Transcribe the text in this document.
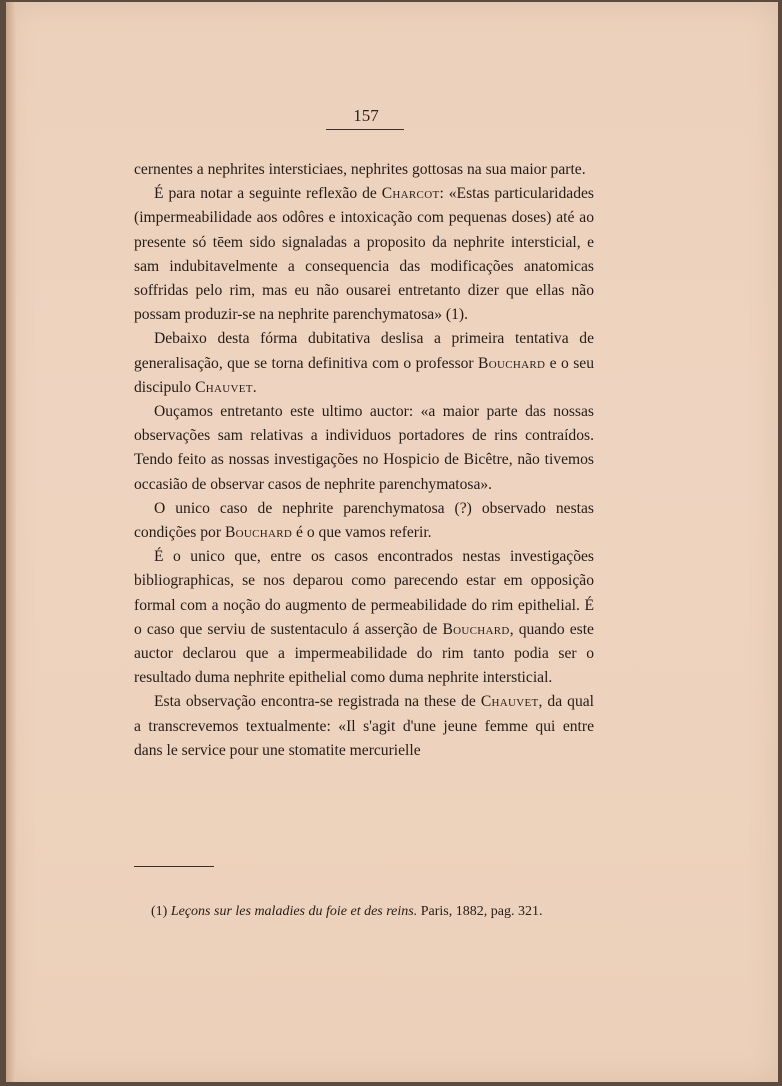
157

cernentes a nephrites intersticiaes, nephrites gottosas na sua maior parte.

É para notar a seguinte reflexão de Charcot: «Estas particularidades (impermeabilidade aos odôres e intoxicação com pequenas doses) até ao presente só tēem sido signaladas a proposito da nephrite intersticial, e sam indubitavelmente a consequencia das modificações anatomicas soffridas pelo rim, mas eu não ousarei entretanto dizer que ellas não possam produzir-se na nephrite parenchymatosa» (1).

Debaixo desta fórma dubitativa deslisa a primeira tentativa de generalisação, que se torna definitiva com o professor Bouchard e o seu discipulo Chauvet.

Ouçamos entretanto este ultimo auctor: «a maior parte das nossas observações sam relativas a individuos portadores de rins contraídos. Tendo feito as nossas investigações no Hospicio de Bicêtre, não tivemos occasião de observar casos de nephrite parenchymatosa».

O unico caso de nephrite parenchymatosa (?) observado nestas condições por Bouchard é o que vamos referir.

É o unico que, entre os casos encontrados nestas investigações bibliographicas, se nos deparou como parecendo estar em opposição formal com a noção do augmento de permeabilidade do rim epithelial. É o caso que serviu de sustentaculo á asserção de Bouchard, quando este auctor declarou que a impermeabilidade do rim tanto podia ser o resultado duma nephrite epithelial como duma nephrite intersticial.

Esta observação encontra-se registrada na these de Chauvet, da qual a transcrevemos textualmente: «Il s'agit d'une jeune femme qui entre dans le service pour une stomatite mercurielle

(1) Leçons sur les maladies du foie et des reins. Paris, 1882, pag. 321.
